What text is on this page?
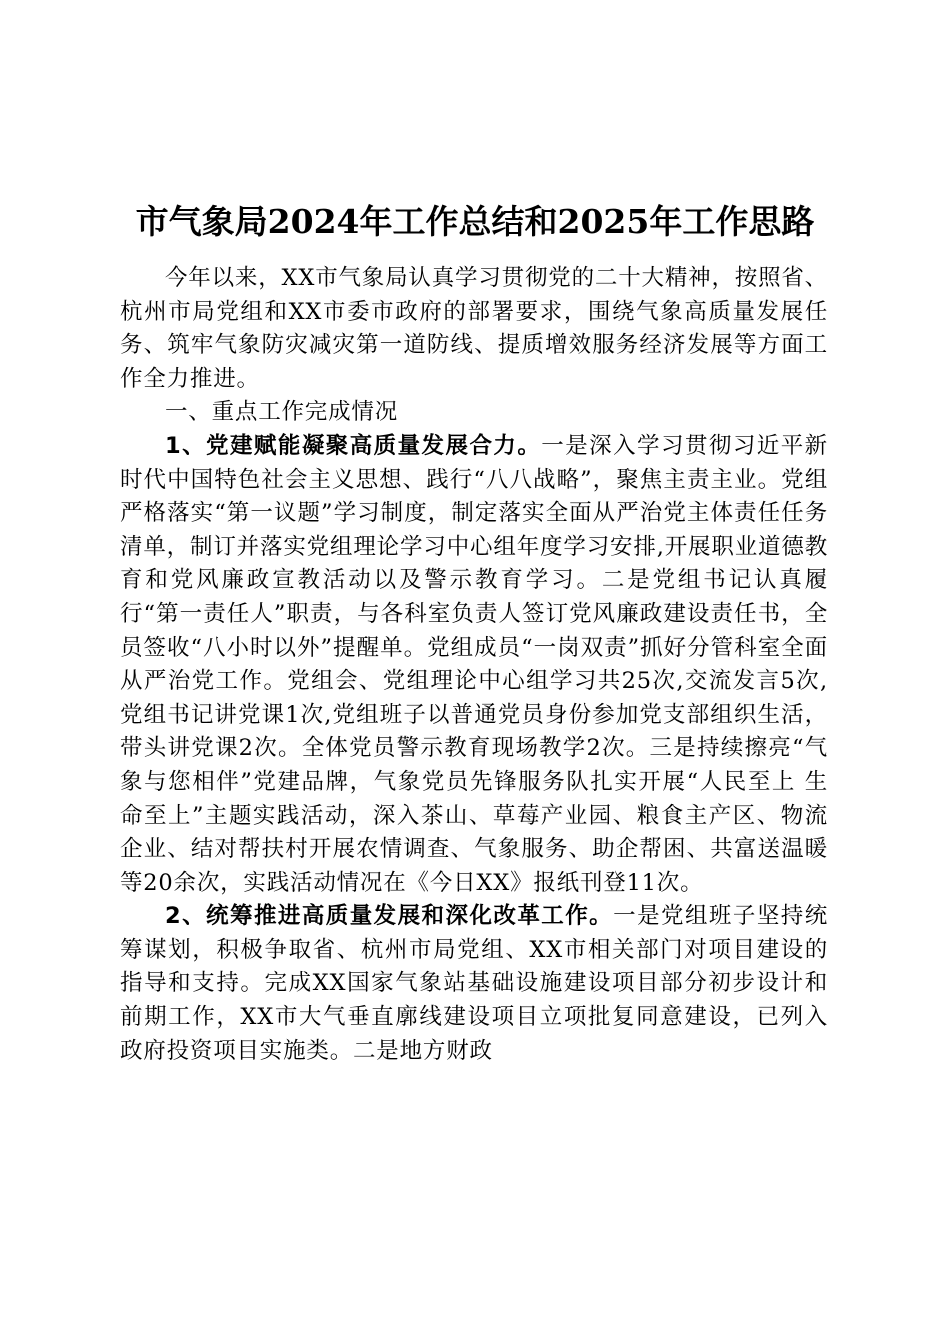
市气象局2024年工作总结和2025年工作思路

今年以来，XX市气象局认真学习贯彻党的二十大精神，按照省、杭州市局党组和XX市委市政府的部署要求，围绕气象高质量发展任务、筑牢气象防灾减灾第一道防线、提质增效服务经济发展等方面工作全力推进。

一、重点工作完成情况

1、党建赋能凝聚高质量发展合力。一是深入学习贯彻习近平新时代中国特色社会主义思想、践行“八八战略”，聚焦主责主业。党组严格落实“第一议题”学习制度，制定落实全面从严治党主体责任任务清单，制订并落实党组理论学习中心组年度学习安排,开展职业道德教育和党风廉政宣教活动以及警示教育学习。二是党组书记认真履行“第一责任人”职责，与各科室负责人签订党风廉政建设责任书，全员签收“八小时以外”提醒单。党组成员“一岗双责”抓好分管科室全面从严治党工作。党组会、党组理论中心组学习共25次,交流发言5次,党组书记讲党课1次,党组班子以普通党员身份参加党支部组织生活，带头讲党课2次。全体党员警示教育现场教学2次。三是持续擦亮“气象与您相伴”党建品牌，气象党员先锋服务队扎实开展“人民至上 生命至上”主题实践活动，深入茶山、草莓产业园、粮食主产区、物流企业、结对帮扶村开展农情调查、气象服务、助企帮困、共富送温暖等20余次，实践活动情况在《今日XX》报纸刊登11次。

2、统筹推进高质量发展和深化改革工作。一是党组班子坚持统筹谋划，积极争取省、杭州市局党组、XX市相关部门对项目建设的指导和支持。完成XX国家气象站基础设施建设项目部分初步设计和前期工作，XX市大气垂直廓线建设项目立项批复同意建设，已列入政府投资项目实施类。二是地方财政
